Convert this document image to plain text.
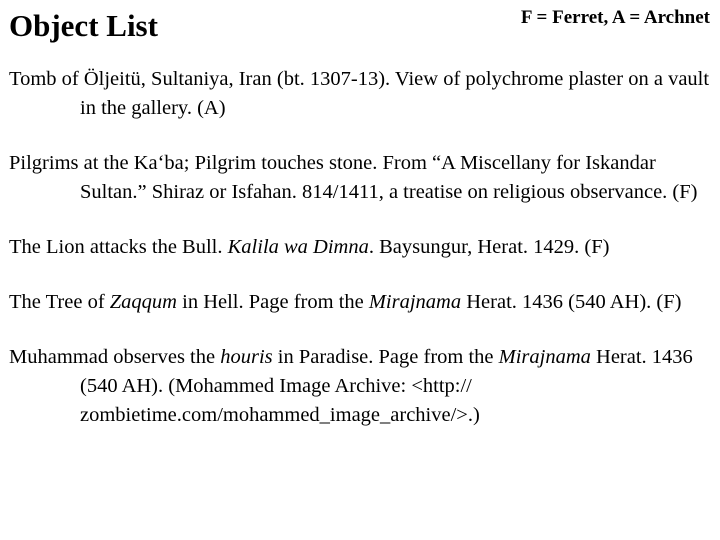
Object List	F = Ferret, A = Archnet

Tomb of Öljeitü, Sultaniya, Iran (bt. 1307-13). View of polychrome plaster on a vault in the gallery. (A)

Pilgrims at the Ka‘ba; Pilgrim touches stone. From “A Miscellany for Iskandar Sultan.” Shiraz or Isfahan. 814/1411, a treatise on religious observance. (F)

The Lion attacks the Bull. Kalila wa Dimna. Baysungur, Herat. 1429. (F)

The Tree of Zaqqum in Hell. Page from the Mirajnama Herat. 1436 (540 AH). (F)

Muhammad observes the houris in Paradise. Page from the Mirajnama Herat. 1436 (540 AH). (Mohammed Image Archive: <http:// zombietime.com/mohammed_image_archive/>.)
